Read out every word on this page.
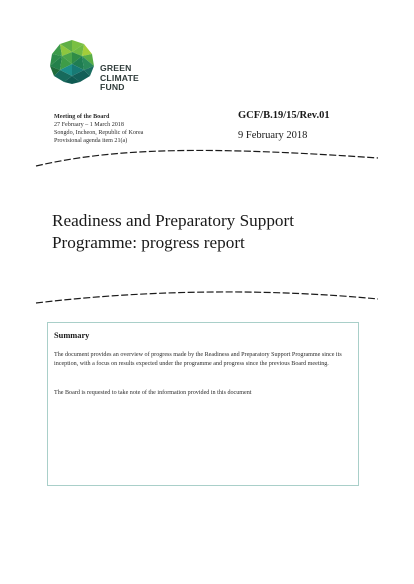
GREEN
CLIMATE
FUND
Meeting of the Board
27 February – 1 March 2018
Songdo, Incheon, Republic of Korea
Provisional agenda item 21(a)
GCF/B.19/15/Rev.01
9 February 2018
Readiness and Preparatory Support
Programme: progress report
Summary
The document provides an overview of progress made by the Readiness and Preparatory Support Programme since its inception, with a focus on results expected under the programme and progress since the previous Board meeting.
The Board is requested to take note of the information provided in this document
